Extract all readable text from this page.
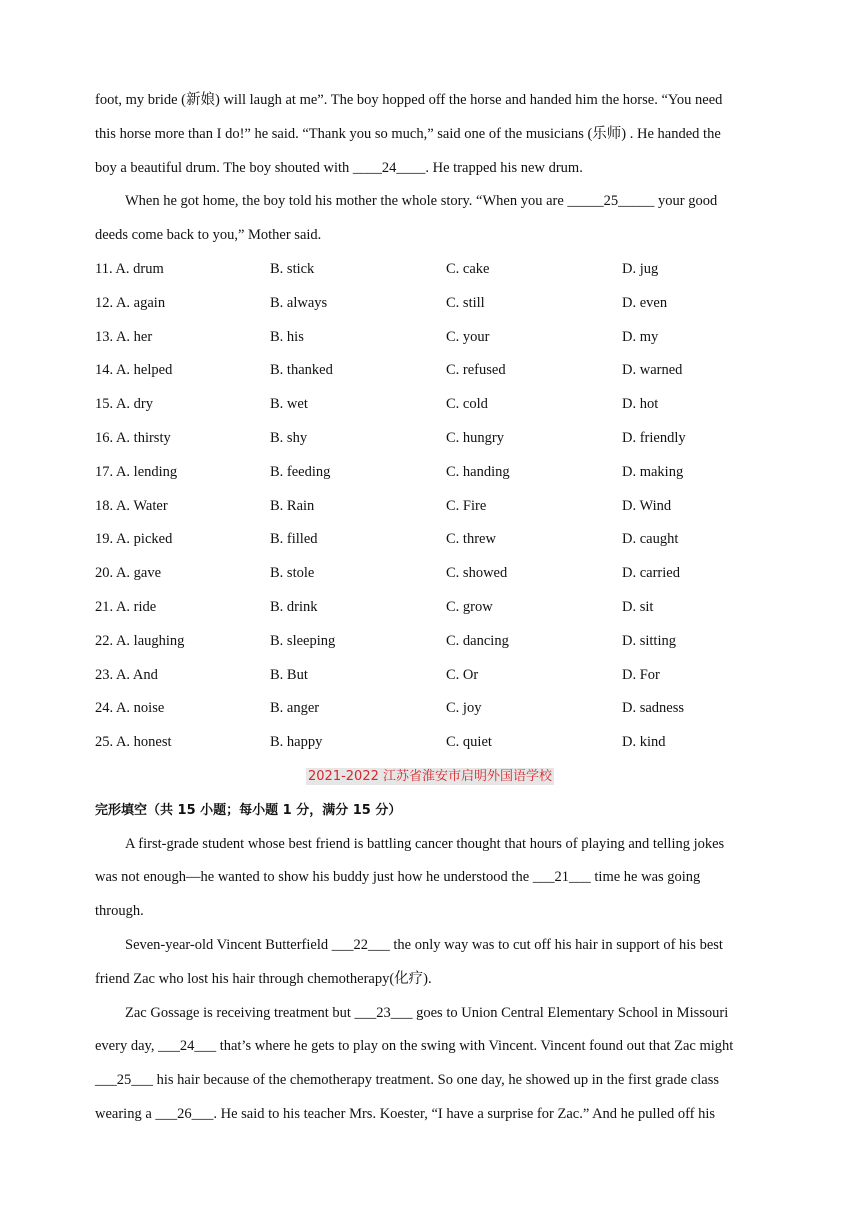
foot, my bride (新娘) will laugh at me”. The boy hopped off the horse and handed him the horse. “You need
this horse more than I do!” he said. “Thank you so much,” said one of the musicians (乐师) . He handed the
boy a beautiful drum. The boy shouted with ____24____. He trapped his new drum.
When he got home, the boy told his mother the whole story. “When you are _____25_____ your good
deeds come back to you,” Mother said.
11. A. drum	B. stick	C. cake	D. jug
12. A. again	B. always	C. still	D. even
13. A. her	B. his	C. your	D. my
14. A. helped	B. thanked	C. refused	D. warned
15. A. dry	B. wet	C. cold	D. hot
16. A. thirsty	B. shy	C. hungry	D. friendly
17. A. lending	B. feeding	C. handing	D. making
18. A. Water	B. Rain	C. Fire	D. Wind
19. A. picked	B. filled	C. threw	D. caught
20. A. gave	B. stole	C. showed	D. carried
21. A. ride	B. drink	C. grow	D. sit
22. A. laughing	B. sleeping	C. dancing	D. sitting
23. A. And	B. But	C. Or	D. For
24. A. noise	B. anger	C. joy	D. sadness
25. A. honest	B. happy	C. quiet	D. kind
2021-2022 江苏省淮安市启明外国语学校
完形填空（共 15 小题；每小题 1 分，满分 15 分）
A first-grade student whose best friend is battling cancer thought that hours of playing and telling jokes
was not enough—he wanted to show his buddy just how he understood the ___21___ time he was going
through.
Seven-year-old Vincent Butterfield ___22___ the only way was to cut off his hair in support of his best
friend Zac who lost his hair through chemotherapy(化疗).
Zac Gossage is receiving treatment but ___23___ goes to Union Central Elementary School in Missouri
every day, ___24___ that’s where he gets to play on the swing with Vincent. Vincent found out that Zac might
___25___ his hair because of the chemotherapy treatment. So one day, he showed up in the first grade class
wearing a ___26___. He said to his teacher Mrs. Koester, “I have a surprise for Zac.” And he pulled off his
